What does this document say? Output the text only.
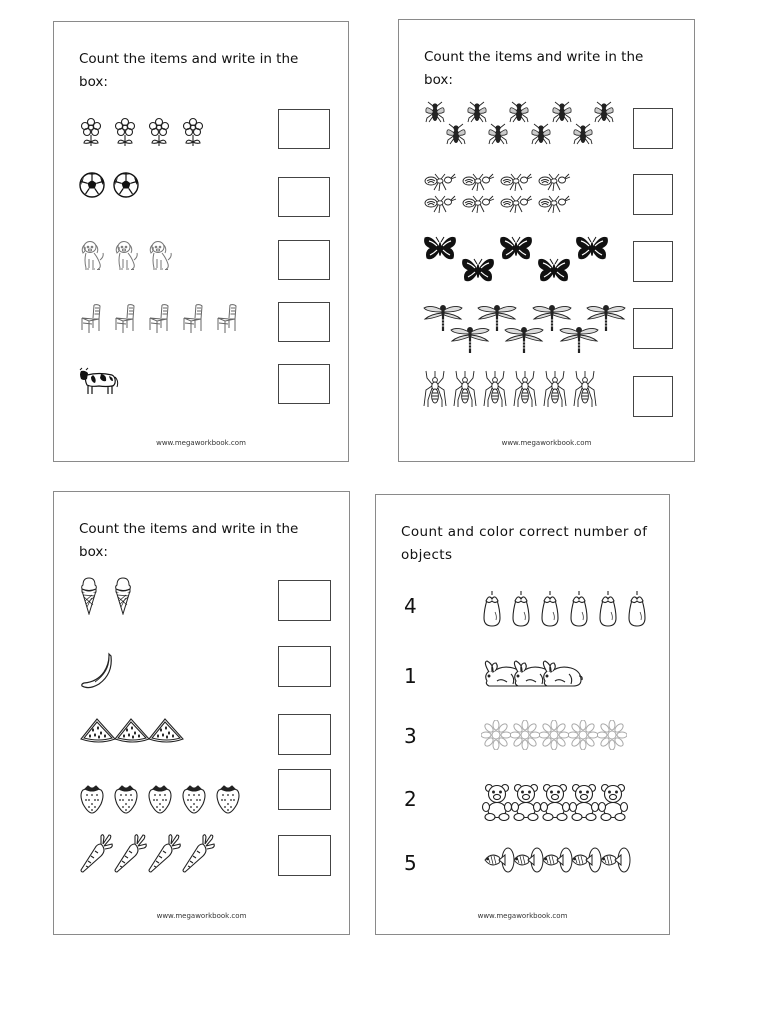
Count the items and write in the box:
www.megaworkbook.com
Count the items and write in the box:
www.megaworkbook.com
Count the items and write in the box:
www.megaworkbook.com
Count and color correct number of objects
www.megaworkbook.com
4
1
3
2
5
